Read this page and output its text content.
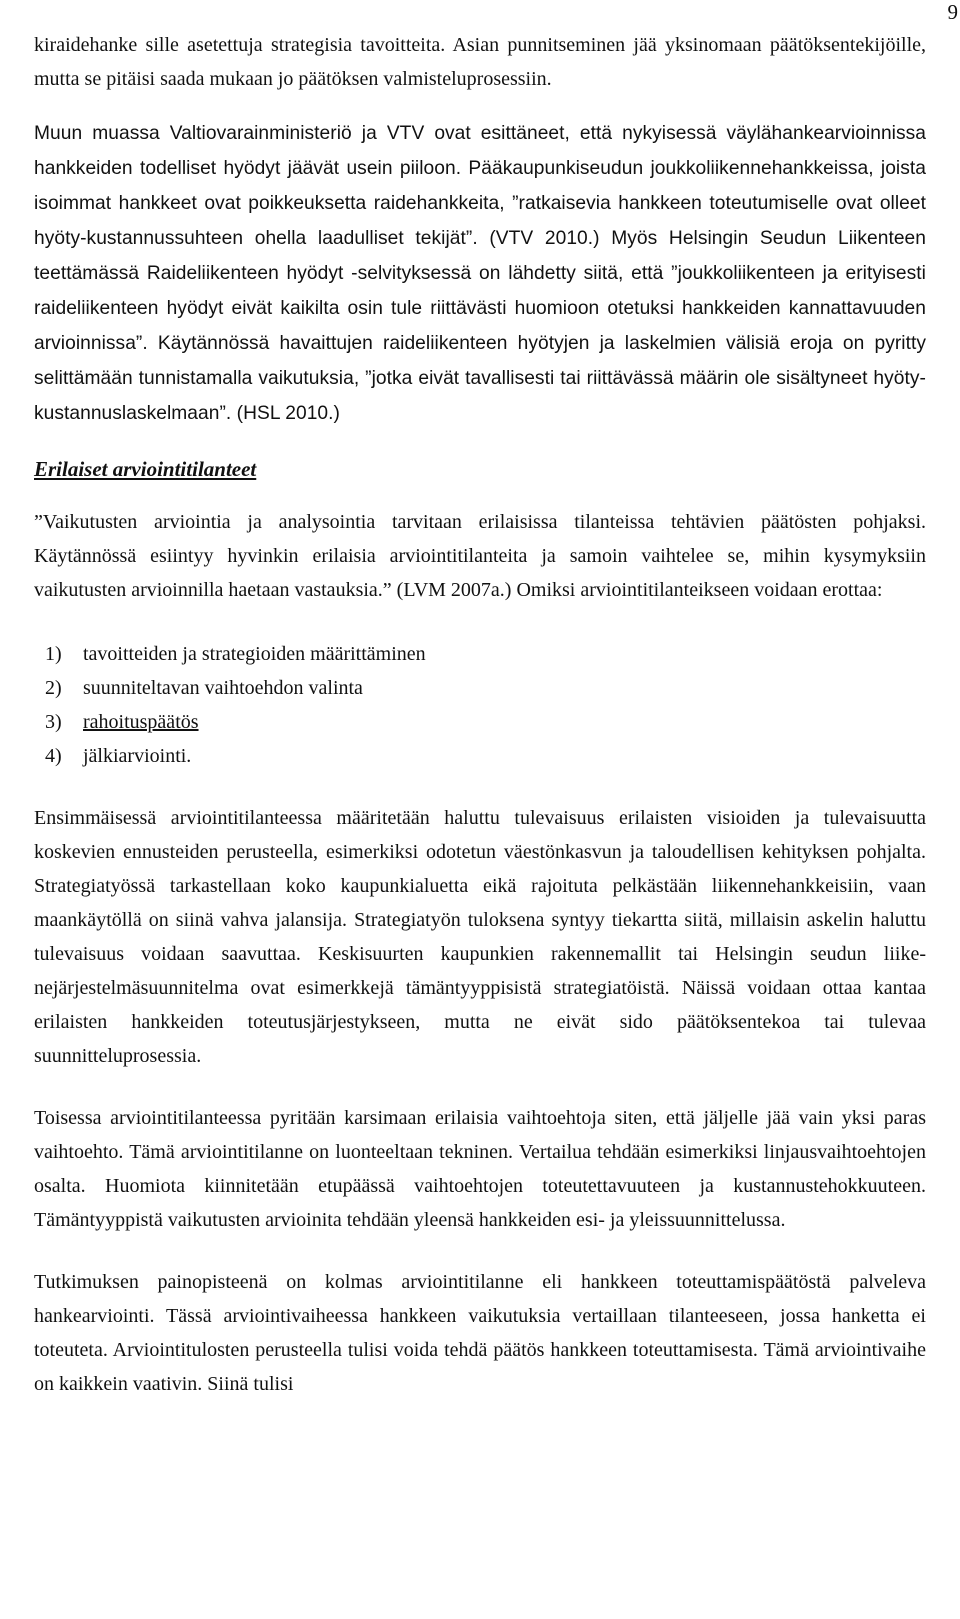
9

kiraidehanke sille asetettuja strategisia tavoitteita. Asian punnitseminen jää yksinomaan päätöksentekijöille, mutta se pitäisi saada mukaan jo päätöksen valmisteluprosessiin.

Muun muassa Valtiovarainministeriö ja VTV ovat esittäneet, että nykyisessä väylähankearvioinnissa hankkeiden todelliset hyödyt jäävät usein piiloon. Pääkaupunkiseudun joukkoliikennehankkeissa, joista isoimmat hankkeet ovat poikkeuksetta raidehankkeita, ”ratkaisevia hankkeen toteutumiselle ovat olleet hyöty-kustannussuhteen ohella laadulliset tekijät”. (VTV 2010.) Myös Helsingin Seudun Liikenteen teettämässä Raideliikenteen hyödyt -selvityksessä on lähdetty siitä, että ”joukkoliikenteen ja erityisesti raideliikenteen hyödyt eivät kaikilta osin tule riittävästi huomioon otetuksi hankkeiden kannattavuuden arvioinnissa”. Käytännössä havaittujen raideliikenteen hyötyjen ja laskelmien välisiä eroja on pyritty selittämään tunnistamalla vaikutuksia, ”jotka eivät tavallisesti tai riittävässä määrin ole sisältyneet hyöty-kustannuslaskelmaan”. (HSL 2010.)

Erilaiset arviointitilanteet

”Vaikutusten arviointia ja analysointia tarvitaan erilaisissa tilanteissa tehtävien päätösten pohjaksi. Käytännössä esiintyy hyvinkin erilaisia arviointitilanteita ja samoin vaihtelee se, mihin kysymyksiin vaikutusten arvioinnilla haetaan vastauksia.” (LVM 2007a.) Omiksi arviointitilanteikseen voidaan erottaa:

1)	tavoitteiden ja strategioiden määrittäminen
2)	suunniteltavan vaihtoehdon valinta
3)	rahoituspäätös
4)	jälkiarviointi.

Ensimmäisessä arviointitilanteessa määritetään haluttu tulevaisuus erilaisten visioiden ja tulevaisuutta koskevien ennusteiden perusteella, esimerkiksi odotetun väestönkasvun ja taloudellisen kehityksen pohjalta. Strategiatyössä tarkastellaan koko kaupunkialuetta eikä rajoituta pelkästään liikennehankkeisiin, vaan maankäytöllä on siinä vahva jalansija. Strategiatyön tuloksena syntyy tiekartta siitä, millaisin askelin haluttu tulevaisuus voidaan saavuttaa. Keskisuurten kaupunkien rakennemallit tai Helsingin seudun liikenejärjestelmäsuunnitelma ovat esimerkkejä tämäntyyppisistä strategiatöistä. Näissä voidaan ottaa kantaa erilaisten hankkeiden toteutusjärjestykseen, mutta ne eivät sido päätöksentekoa tai tulevaa suunnitteluprosessia.

Toisessa arviointitilanteessa pyritään karsimaan erilaisia vaihtoehtoja siten, että jäljelle jää vain yksi paras vaihtoehto. Tämä arviointitilanne on luonteeltaan tekninen. Vertailua tehdään esimerkiksi linjausvaihtoehtojen osalta. Huomiota kiinnitetään etupäässä vaihtoehtojen toteutettavuuteen ja kustannustehokkuuteen. Tämäntyyppistä vaikutusten arvioinita tehdään yleensä hankkeiden esi- ja yleissuunnittelussa.

Tutkimuksen painopisteenä on kolmas arviointitilanne eli hankkeen toteuttamispäätöstä palveleva hankearviointi. Tässä arviointivaiheessa hankkeen vaikutuksia vertaillaan tilanteeseen, jossa hanketta ei toteuteta. Arviointitulosten perusteella tulisi voida tehdä päätös hankkeen toteuttamisesta. Tämä arviointivaihe on kaikkein vaativin. Siinä tulisi
